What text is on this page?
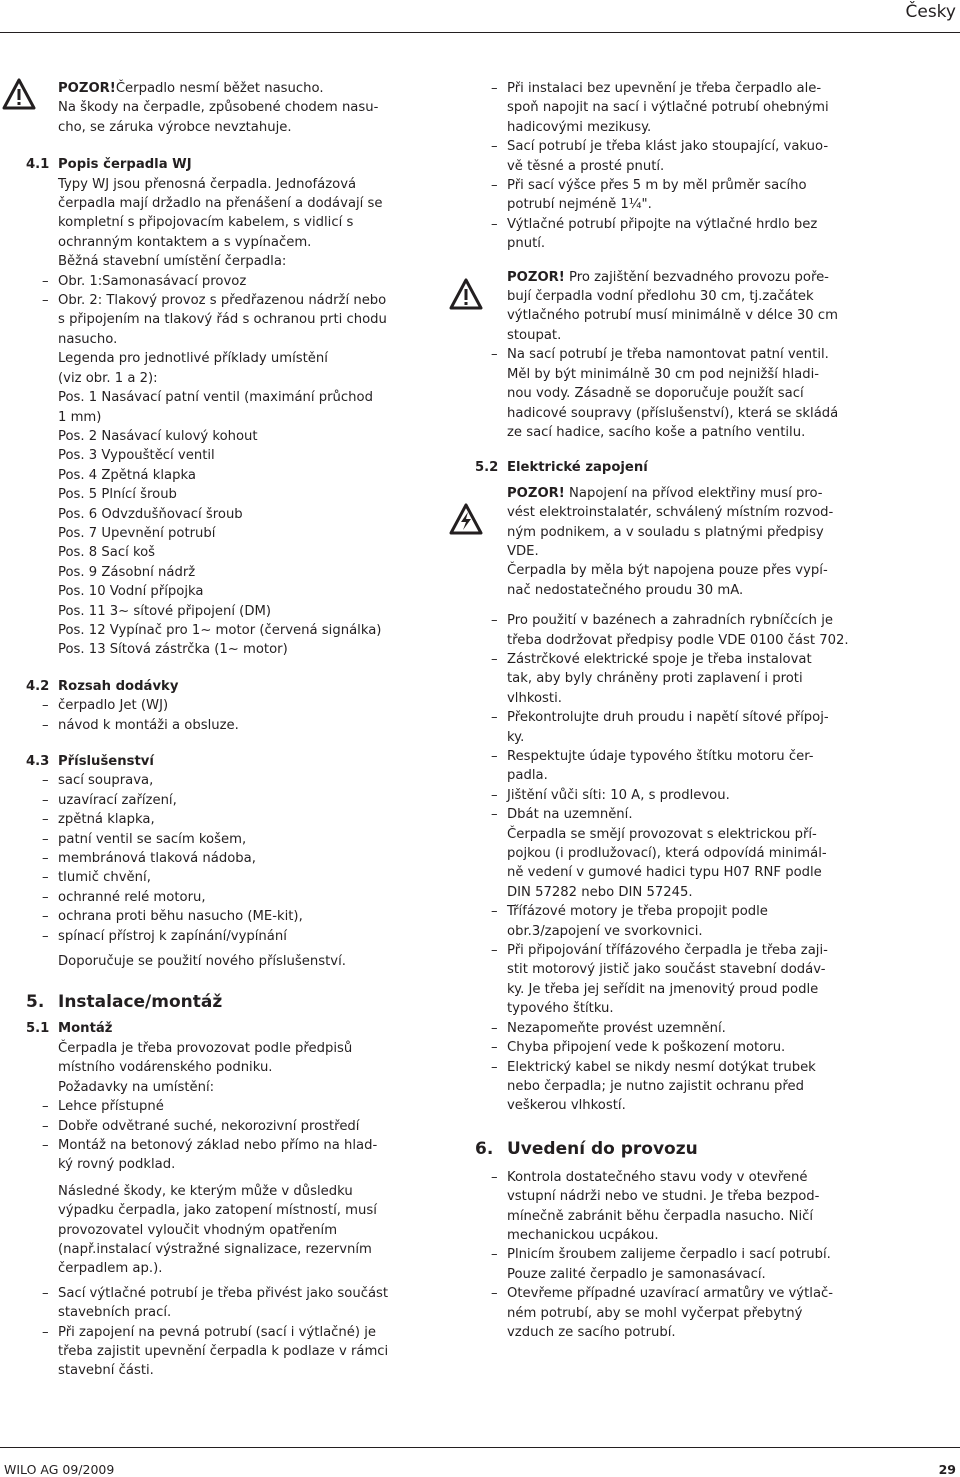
Česky

POZOR!Čerpadlo nesmí běžet nasucho.

Na škody na čerpadle, způsobené chodem nasu-

cho, se záruka výrobce nevztahuje.

4.1 Popis čerpadla WJ

Typy WJ jsou přenosná čerpadla. Jednofázová

čerpadla mají držadlo na přenášení a dodávají se

kompletní s připojovacím kabelem, s vidlicí s

ochranným kontaktem a s vypínačem.

Běžná stavební umístění čerpadla:

– Obr. 1:Samonasávací provoz

– Obr. 2: Tlakový provoz s předřazenou nádrží nebo

s připojením na tlakový řád s ochranou prti chodu

nasucho.

Legenda pro jednotlivé příklady umístění

(viz obr. 1 a 2):

Pos. 1 Nasávací patní ventil (maximání průchod

1 mm)

Pos. 2 Nasávací kulový kohout

Pos. 3 Vypouštěcí ventil

Pos. 4 Zpětná klapka

Pos. 5 Plnící šroub

Pos. 6 Odvzdušňovací šroub

Pos. 7 Upevnění potrubí

Pos. 8 Sací koš

Pos. 9 Zásobní nádrž

Pos. 10 Vodní přípojka

Pos. 11 3~ sítové připojení (DM)

Pos. 12 Vypínač pro 1~ motor (červená signálka)

Pos. 13 Sítová zástrčka (1~ motor)

4.2 Rozsah dodávky

– čerpadlo Jet (WJ)

– návod k montáži a obsluze.

4.3 Příslušenství

– sací souprava,

– uzavírací zařízení,

– zpětná klapka,

– patní ventil se sacím košem,

– membránová tlaková nádoba,

– tlumič chvění,

– ochranné relé motoru,

– ochrana proti běhu nasucho (ME-kit),

– spínací přístroj k zapínání/vypínání

Doporučuje se použití nového příslušenství.

5. Instalace/montáž

5.1 Montáž

Čerpadla je třeba provozovat podle předpisů

místního vodárenského podniku.

Požadavky na umístění:

– Lehce přístupné

– Dobře odvětrané suché, nekorozivní prostředí

– Montáž na betonový základ nebo přímo na hlad-

ký rovný podklad.

Následné škody, ke kterým může v důsledku

výpadku čerpadla, jako zatopení místností, musí

provozovatel vyloučit vhodným opatřením

(např.instalací výstražné signalizace, rezervním

čerpadlem ap.).

– Sací výtlačné potrubí je třeba přivést jako součást

stavebních prací.

– Při zapojení na pevná potrubí (sací i výtlačné) je

třeba zajistit upevnění čerpadla k podlaze v rámci

stavební části.

– Při instalaci bez upevnění je třeba čerpadlo ale-

spoň napojit na sací i výtlačné potrubí ohebnými

hadicovými mezikusy.

– Sací potrubí je třeba klást jako stoupající, vakuo-

vě těsné a prosté pnutí.

– Při sací výšce přes 5 m by měl průměr sacího

potrubí nejméně 1¼".

– Výtlačné potrubí připojte na výtlačné hrdlo bez

pnutí.

POZOR! Pro zajištění bezvadného provozu poře-

bují čerpadla vodní předlohu 30 cm, tj.začátek

výtlačného potrubí musí minimálně v délce 30 cm

stoupat.

– Na sací potrubí je třeba namontovat patní ventil.

Měl by být minimálně 30 cm pod nejnižší hladi-

nou vody. Zásadně se doporučuje použít sací

hadicové soupravy (příslušenství), která se skládá

ze sací hadice, sacího koše a patního ventilu.

5.2 Elektrické zapojení

POZOR! Napojení na přívod elektřiny musí pro-

vést elektroinstalatér, schválený místním rozvod-

ným podnikem, a v souladu s platnými předpisy

VDE.

Čerpadla by měla být napojena pouze přes vypí-

nač nedostatečného proudu 30 mA.

– Pro použití v bazénech a zahradních rybníčcích je

třeba dodržovat předpisy podle VDE 0100 část 702.

– Zástrčkové elektrické spoje je třeba instalovat

tak, aby byly chráněny proti zaplavení i proti

vlhkosti.

– Překontrolujte druh proudu i napětí sítové přípoj-

ky.

– Respektujte údaje typového štítku motoru čer-

padla.

– Jištění vůči síti: 10 A, s prodlevou.

– Dbát na uzemnění.

Čerpadla se smějí provozovat s elektrickou pří-

pojkou (i prodlužovací), která odpovídá minimál-

ně vedení v gumové hadici typu H07 RNF podle

DIN 57282 nebo DIN 57245.

– Třífázové motory je třeba propojit podle

obr.3/zapojení ve svorkovnici.

– Při připojování třífázového čerpadla je třeba zaji-

stit motorový jistič jako součást stavební dodáv-

ky. Je třeba jej seřídit na jmenovitý proud podle

typového štítku.

– Nezapomeňte provést uzemnění.

– Chyba připojení vede k poškození motoru.

– Elektrický kabel se nikdy nesmí dotýkat trubek

nebo čerpadla; je nutno zajistit ochranu před

veškerou vlhkostí.

6. Uvedení do provozu

– Kontrola dostatečného stavu vody v otevřené

vstupní nádrži nebo ve studni. Je třeba bezpod-

mínečně zabránit běhu čerpadla nasucho. Ničí

mechanickou ucpákou.

– Plnicím šroubem zalijeme čerpadlo i sací potrubí.

Pouze zalité čerpadlo je samonasávací.

– Otevřeme případné uzavírací armatůry ve výtlač-

ném potrubí, aby se mohl vyčerpat přebytný

vzduch ze sacího potrubí.

WILO AG 09/2009	29
